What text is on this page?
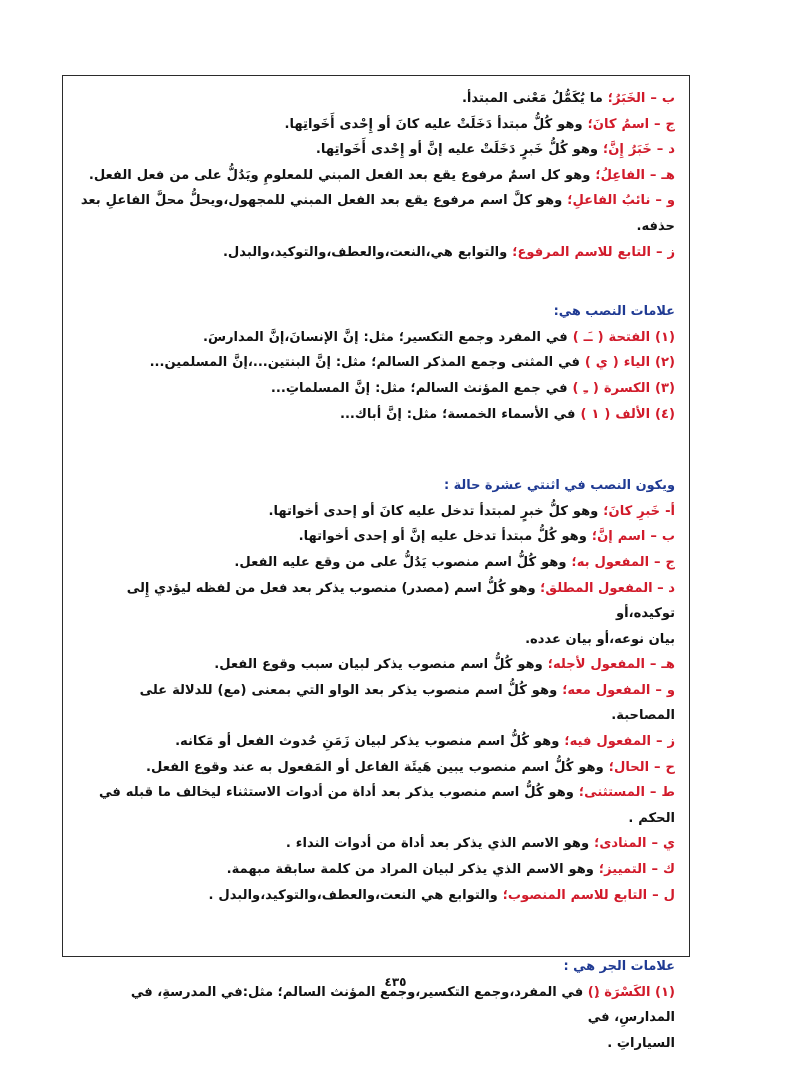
ب – الخَبَرُ؛ ما يُكَمُّلُ مَعْنى المبتدأ.
ج – اسمُ كانَ؛ وهو كُلُّ مبتدأ دَخَلَتْ عليه كانَ أو إِحْدى أَخَواتِها.
د – خَبَرُ إِنَّ؛ وهو كُلُّ خَبرٍ دَخَلَتْ عليه إنَّ أو إِحْدى أَخَواتِها.
هـ – الفاعِلُ؛ وهو كل اسمٌ مرفوع يقع بعد الفعل المبني للمعلومِ ويَدُلُّ على من فعل الفعل.
و – نائبُ الفاعلِ؛ وهو كلَّ اسم مرفوع يقع بعد الفعل المبني للمجهول،ويحلُّ محلَّ الفاعلِ بعد حذفه.
ز – التابع للاسم المرفوع؛ والتوابع هي،النعت،والعطف،والتوكيد،والبدل.
علامات النصب هي:
(١) الفتحة ( ـَـ ) في المفرد وجمع التكسير؛ مثل: إنَّ الإنسانَ،إنَّ المدارسَ.
(٢) الياء ( ي ) في المثنى وجمع المذكر السالم؛ مثل: إنَّ البنتين...،إنَّ المسلمين...
(٣) الكسرة ( ـِ ) في جمع المؤنث السالم؛ مثل: إنَّ المسلماتِ...
(٤) الألف ( ١ ) في الأسماء الخمسة؛ مثل: إنَّ أباك...
ويكون النصب في اثنتي عشرة حالة :
أ- خَبرِ كانَ؛ وهو كلُّ خبرٍ لمبتدأ تدخل عليه كانَ أو إحدى أخواتها.
ب – اسم إنَّ؛ وهو كُلُّ مبتدأ تدخل عليه إنَّ أو إحدى أخواتها.
ج – المفعول به؛ وهو كُلُّ اسم منصوب يَدُلُّ على من وقع عليه الفعل.
د – المفعول المطلق؛ وهو كُلُّ اسم (مصدر) منصوب يذكر بعد فعل من لفظه ليؤدي إِلى توكيده،أو
بيان نوعه،أو بيان عدده.
هـ – المفعول لأجله؛ وهو كُلُّ اسم منصوب يذكر لبيان سبب وقوع الفعل.
و – المفعول معه؛ وهو كُلُّ اسم منصوب يذكر بعد الواو التي بمعنى (مع) للدلالة على المصاحبة.
ز – المفعول فيه؛ وهو كُلُّ اسم منصوب يذكر لبيان زَمَنِ حُدوث الفعل أو مَكانه.
ح – الحال؛ وهو كُلُّ اسم منصوب يبين هَيئَة الفاعل أو المَفعول به عند وقوع الفعل.
ط – المستثنى؛ وهو كُلُّ اسم منصوب يذكر بعد أداة من أدوات الاستثناء ليخالف ما قبله في الحكم .
ي – المنادى؛ وهو الاسم الذي يذكر بعد أداة من أدوات النداء .
ك – التمييز؛ وهو الاسم الذي يذكر لبيان المراد من كلمة سابقة مبهمة.
ل – التابع للاسم المنصوب؛ والتوابع هي النعت،والعطف،والتوكيد،والبدل .
علامات الجر هي :
(١) الكَسْرَة (ِ) في المفرد،وجمع التكسير،وجمع المؤنث السالم؛ مثل:في المدرسةِ، في المدارسِ، في
السياراتِ .
٤٣٥
